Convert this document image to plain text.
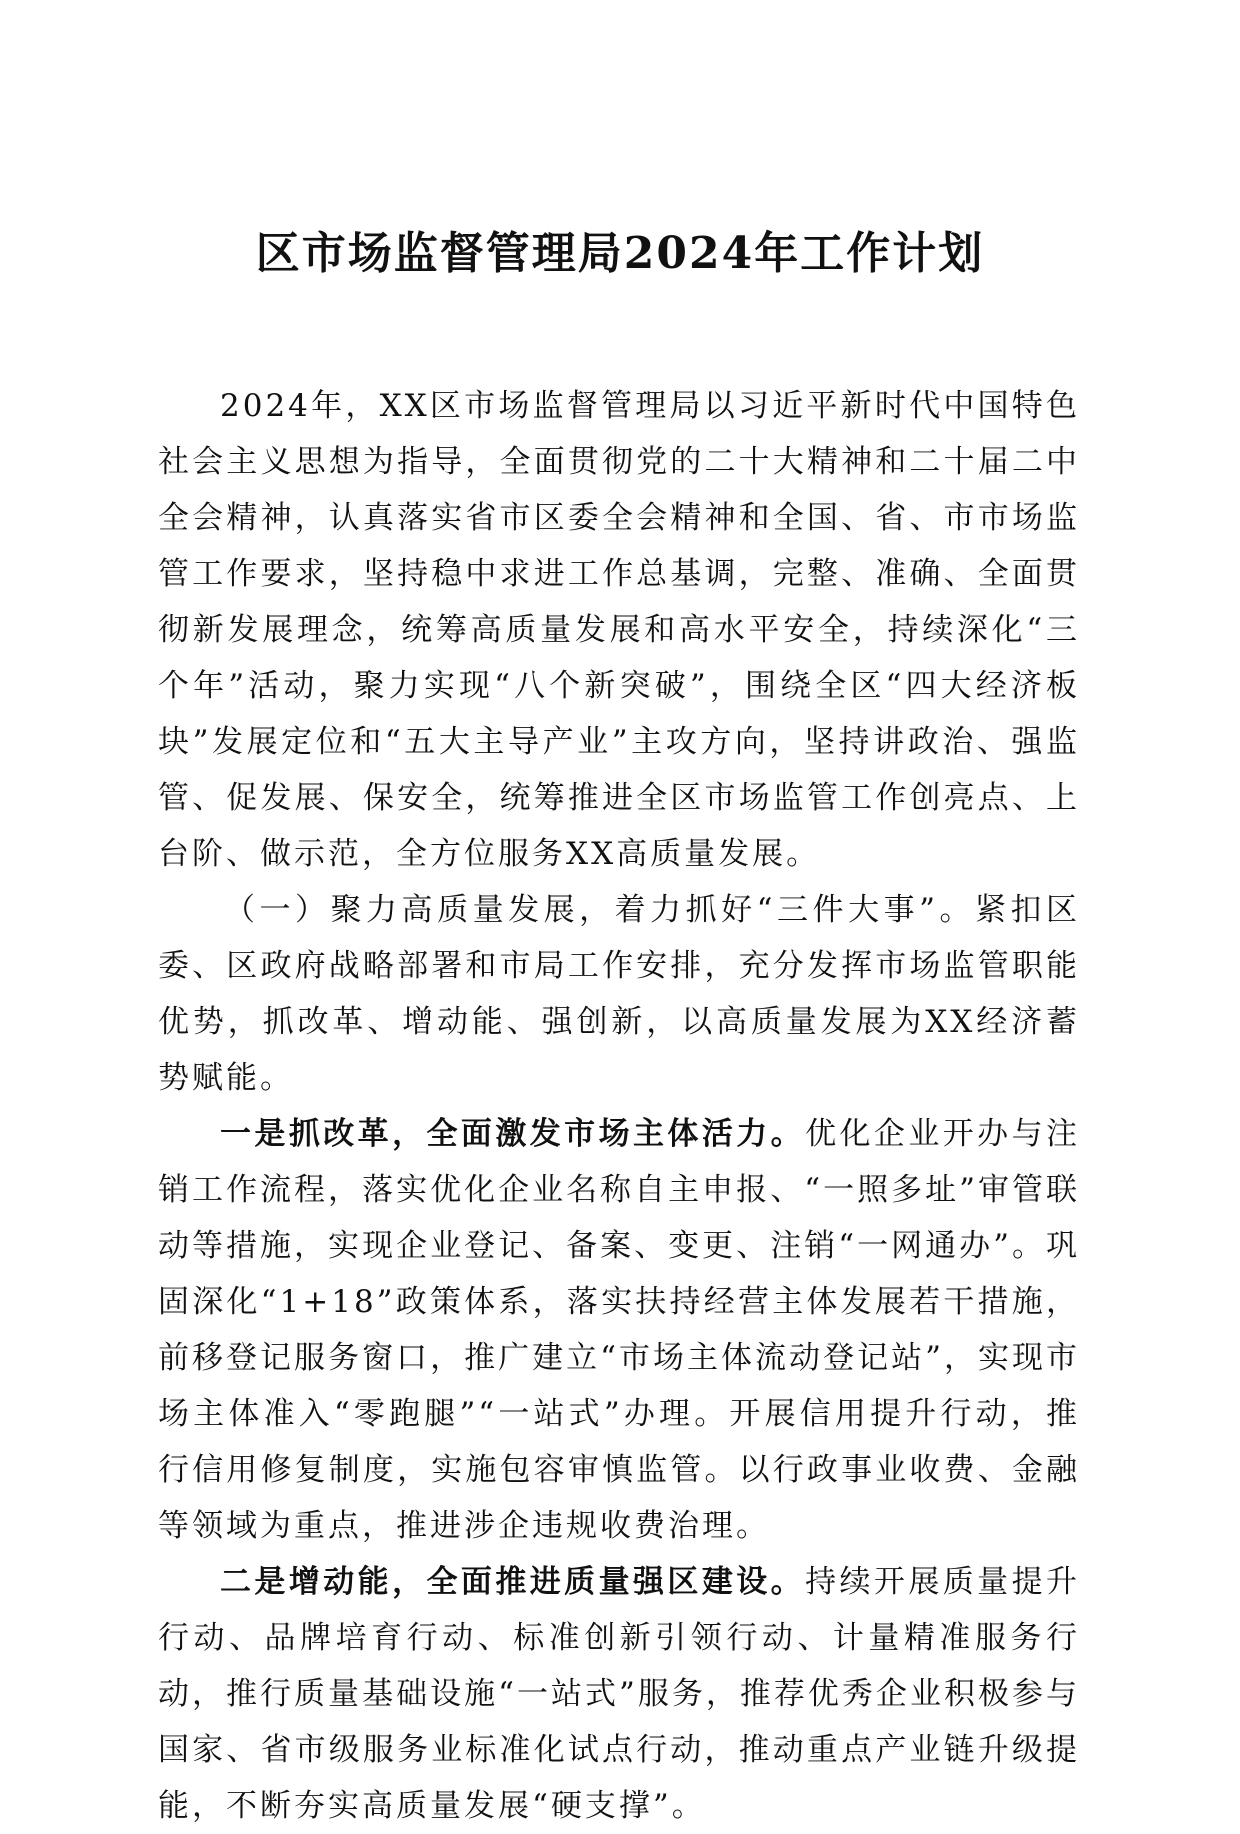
区市场监督管理局2024年工作计划

2024年，XX区市场监督管理局以习近平新时代中国特色社会主义思想为指导，全面贯彻党的二十大精神和二十届二中全会精神，认真落实省市区委全会精神和全国、省、市市场监管工作要求，坚持稳中求进工作总基调，完整、准确、全面贯彻新发展理念，统筹高质量发展和高水平安全，持续深化“三个年”活动，聚力实现“八个新突破”，围绕全区“四大经济板块”发展定位和“五大主导产业”主攻方向，坚持讲政治、强监管、促发展、保安全，统筹推进全区市场监管工作创亮点、上台阶、做示范，全方位服务XX高质量发展。

（一）聚力高质量发展，着力抓好“三件大事”。紧扣区委、区政府战略部署和市局工作安排，充分发挥市场监管职能优势，抓改革、增动能、强创新，以高质量发展为XX经济蓄势赋能。

一是抓改革，全面激发市场主体活力。优化企业开办与注销工作流程，落实优化企业名称自主申报、“一照多址”审管联动等措施，实现企业登记、备案、变更、注销“一网通办”。巩固深化“1+18”政策体系，落实扶持经营主体发展若干措施，前移登记服务窗口，推广建立“市场主体流动登记站”，实现市场主体准入“零跑腿”“一站式”办理。开展信用提升行动，推行信用修复制度，实施包容审慎监管。以行政事业收费、金融等领域为重点，推进涉企违规收费治理。

二是增动能，全面推进质量强区建设。持续开展质量提升行动、品牌培育行动、标准创新引领行动、计量精准服务行动，推行质量基础设施“一站式”服务，推荐优秀企业积极参与国家、省市级服务业标准化试点行动，推动重点产业链升级提能，不断夯实高质量发展“硬支撑”。
